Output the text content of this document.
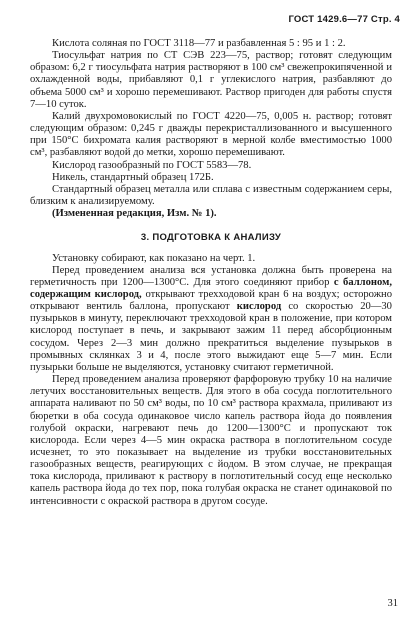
ГОСТ 1429.6—77 Стр. 4

Кислота соляная по ГОСТ 3118—77 и разбавленная 5 : 95 и 1 : 2.

Тиосульфат натрия по СТ СЭВ 223—75, раствор; готовят следующим образом: 6,2 г тиосульфата натрия растворяют в 100 см³ свежепрокипяченной и охлажденной воды, прибавляют 0,1 г углекислого натрия, разбавляют до объема 5000 см³ и хорошо перемешивают. Раствор пригоден для работы спустя 7—10 суток.

Калий двухромовокислый по ГОСТ 4220—75, 0,005 н. раствор; готовят следующим образом: 0,245 г дважды перекристаллизованного и высушенного при 150°С бихромата калия растворяют в мерной колбе вместимостью 1000 см³, разбавляют водой до метки, хорошо перемешивают.

Кислород газообразный по ГОСТ 5583—78.

Никель, стандартный образец 172Б.

Стандартный образец металла или сплава с известным содержанием серы, близким к анализируемому.

(Измененная редакция, Изм. № 1).

3. ПОДГОТОВКА К АНАЛИЗУ

Установку собирают, как показано на черт. 1.

Перед проведением анализа вся установка должна быть проверена на герметичность при 1200—1300°С. Для этого соединяют прибор с баллоном, содержащим кислород, открывают трехходовой кран 6 на воздух; осторожно открывают вентиль баллона, пропускают кислород со скоростью 20—30 пузырьков в минуту, переключают трехходовой кран в положение, при котором кислород поступает в печь, и закрывают зажим 11 перед абсорбционным сосудом. Через 2—3 мин должно прекратиться выделение пузырьков в промывных склянках 3 и 4, после этого выжидают еще 5—7 мин. Если пузырьки больше не выделяются, установку считают герметичной.

Перед проведением анализа проверяют фарфоровую трубку 10 на наличие летучих восстановительных веществ. Для этого в оба сосуда поглотительного аппарата наливают по 50 см³ воды, по 10 см³ раствора крахмала, приливают из бюретки в оба сосуда одинаковое число капель раствора йода до появления голубой окраски, нагревают печь до 1200—1300°С и пропускают ток кислорода. Если через 4—5 мин окраска раствора в поглотительном сосуде исчезнет, то это показывает на выделение из трубки восстановительных газообразных веществ, реагирующих с йодом. В этом случае, не прекращая тока кислорода, приливают к раствору в поглотительный сосуд еще несколько капель раствора йода до тех пор, пока голубая окраска не станет одинаковой по интенсивности с окраской раствора в другом сосуде.

31
